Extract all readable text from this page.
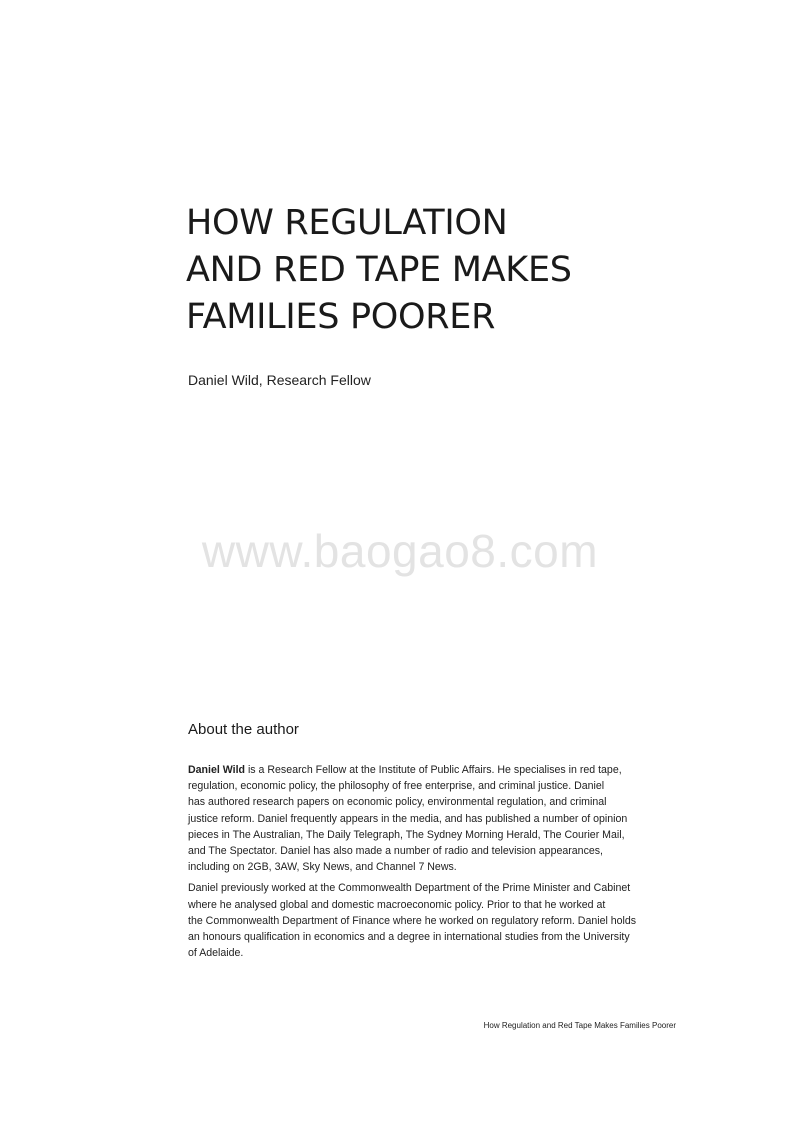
HOW REGULATION
AND RED TAPE MAKES
FAMILIES POORER
Daniel Wild, Research Fellow
www.baogao8.com
About the author

Daniel Wild is a Research Fellow at the Institute of Public Affairs. He specialises in red tape,
regulation, economic policy, the philosophy of free enterprise, and criminal justice. Daniel
has authored research papers on economic policy, environmental regulation, and criminal
justice reform. Daniel frequently appears in the media, and has published a number of opinion
pieces in The Australian, The Daily Telegraph, The Sydney Morning Herald, The Courier Mail,
and The Spectator. Daniel has also made a number of radio and television appearances,
including on 2GB, 3AW, Sky News, and Channel 7 News.

Daniel previously worked at the Commonwealth Department of the Prime Minister and Cabinet
where he analysed global and domestic macroeconomic policy. Prior to that he worked at
the Commonwealth Department of Finance where he worked on regulatory reform. Daniel holds
an honours qualification in economics and a degree in international studies from the University
of Adelaide.

How Regulation and Red Tape Makes Families Poorer
